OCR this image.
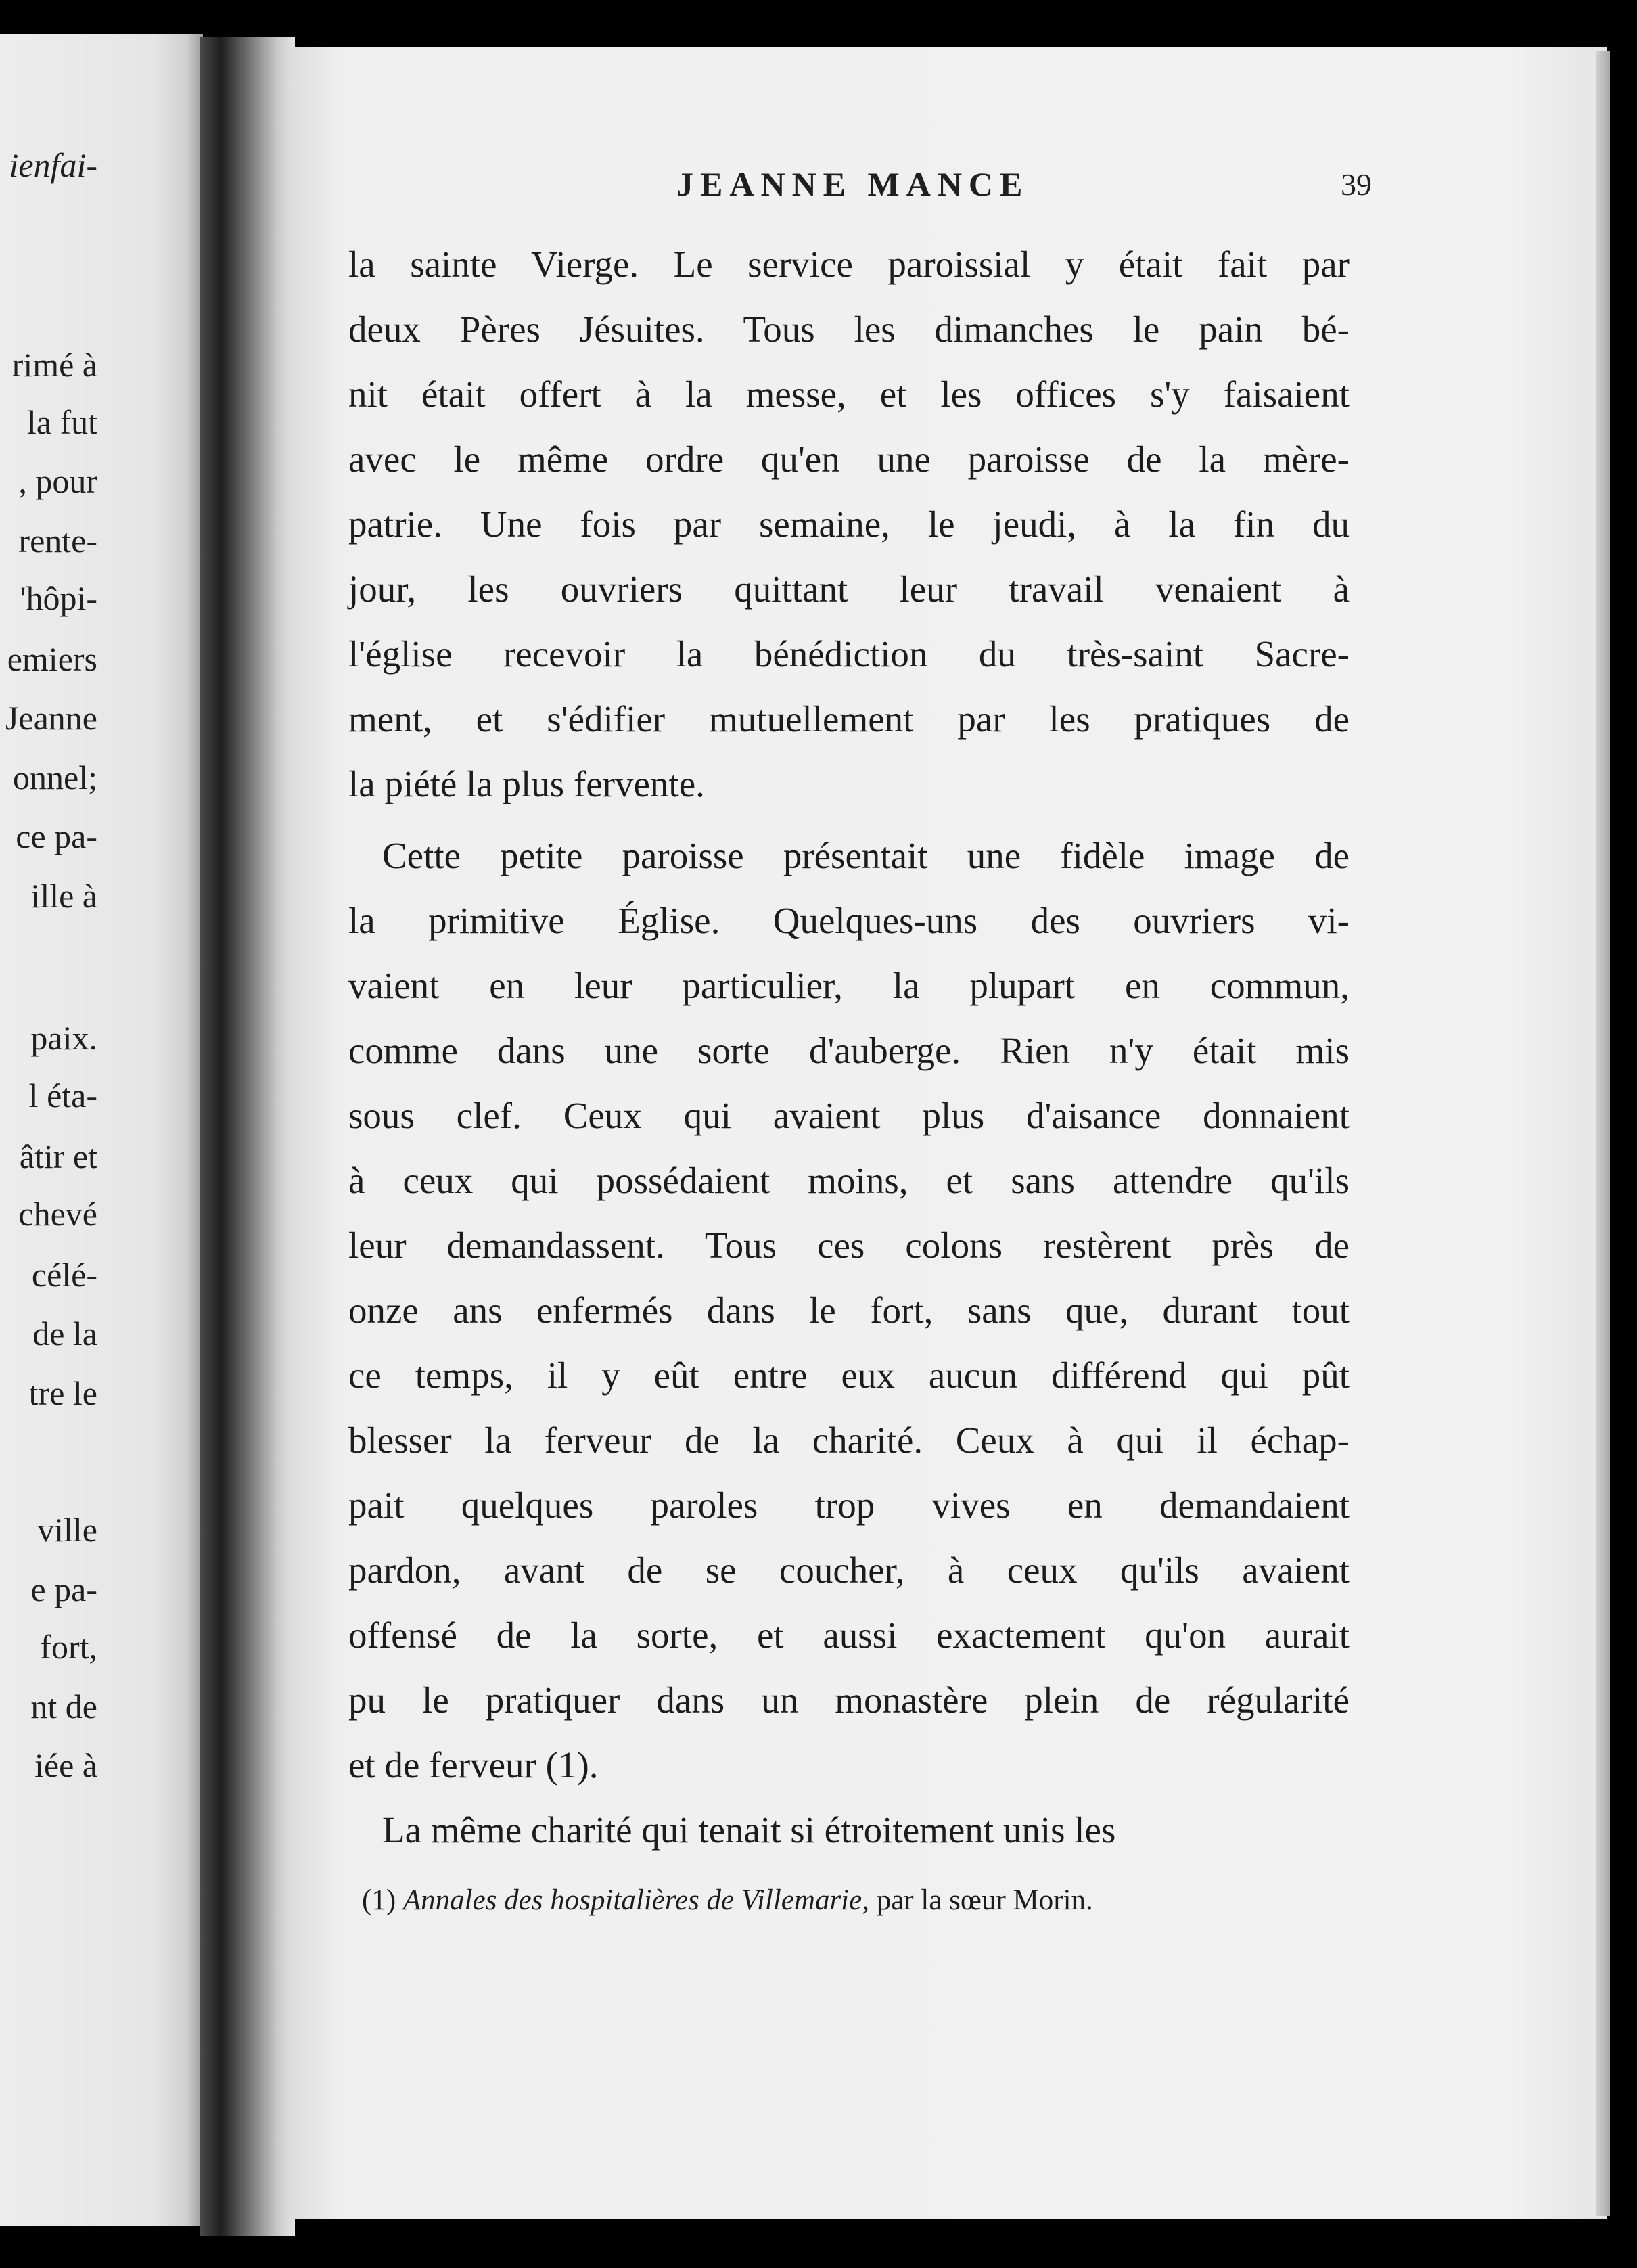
ienfai-

rimé à

la fut

, pour

rente-

'hôpi-

emiers

Jeanne

onnel;

ce pa-

ille à

paix.

l éta-

âtir et

chevé

célé-

de la

tre le

ville

e pa-

fort,

nt de

iée à

JEANNE MANCE	39

la sainte Vierge. Le service paroissial y était fait par
deux Pères Jésuites. Tous les dimanches le pain bé-
nit était offert à la messe, et les offices s'y faisaient
avec le même ordre qu'en une paroisse de la mère-
patrie. Une fois par semaine, le jeudi, à la fin du
jour, les ouvriers quittant leur travail venaient à
l'église recevoir la bénédiction du très-saint Sacre-
ment, et s'édifier mutuellement par les pratiques de
la piété la plus fervente.

Cette petite paroisse présentait une fidèle image de
la primitive Église. Quelques-uns des ouvriers vi-
vaient en leur particulier, la plupart en commun,
comme dans une sorte d'auberge. Rien n'y était mis
sous clef. Ceux qui avaient plus d'aisance donnaient
à ceux qui possédaient moins, et sans attendre qu'ils
leur demandassent. Tous ces colons restèrent près de
onze ans enfermés dans le fort, sans que, durant tout
ce temps, il y eût entre eux aucun différend qui pût
blesser la ferveur de la charité. Ceux à qui il échap-
pait quelques paroles trop vives en demandaient
pardon, avant de se coucher, à ceux qu'ils avaient
offensé de la sorte, et aussi exactement qu'on aurait
pu le pratiquer dans un monastère plein de régularité
et de ferveur (1).

La même charité qui tenait si étroitement unis les

(1) Annales des hospitalières de Villemarie, par la sœur Morin.
